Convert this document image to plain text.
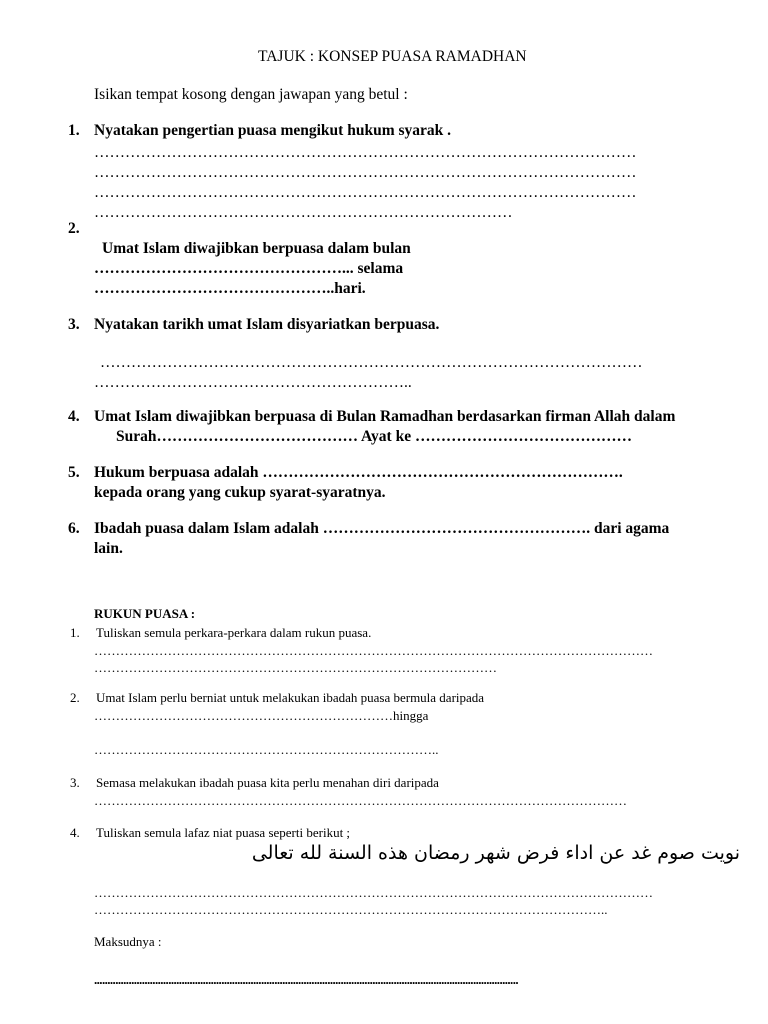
TAJUK : KONSEP PUASA RAMADHAN
Isikan tempat kosong dengan jawapan yang betul :
1. Nyatakan pengertian puasa mengikut hukum syarak .
……………………………………………………………………………………………
……………………………………………………………………………………………
……………………………………………………………………………………………
………………………………………………………………………
2.
Umat Islam diwajibkan berpuasa dalam bulan
…………………………………………... selama
………………………………………..hari.
3. Nyatakan tarikh umat Islam disyariatkan berpuasa.
……………………………………………………………………………………………
……………………………………………………..
4. Umat Islam diwajibkan berpuasa di Bulan Ramadhan berdasarkan firman Allah dalam
Surah………………………………… Ayat ke ……………………………………
5. Hukum berpuasa adalah …………………………………………………………….
kepada orang yang cukup syarat-syaratnya.
6. Ibadah puasa dalam Islam adalah ……………………………………………. dari agama
lain.
RUKUN PUASA :
1. Tuliskan semula perkara-perkara dalam rukun puasa.
…………………………………………………………………………………………………………………
…………………………………………………………………………………
2. Umat Islam perlu berniat untuk melakukan ibadah puasa bermula daripada
……………………………………………………………hingga
……………………………………………………………………..
3. Semasa melakukan ibadah puasa kita perlu menahan diri daripada
……………………………………………………………………………………………………………
4. Tuliskan semula lafaz niat puasa seperti berikut ;
نويت صوم غد عن اداء فرض شهر رمضان هذه السنة لله تعالى
…………………………………………………………………………………………………………………
………………………………………………………………………………………………………..
Maksudnya :
................................................................................................................................................................
